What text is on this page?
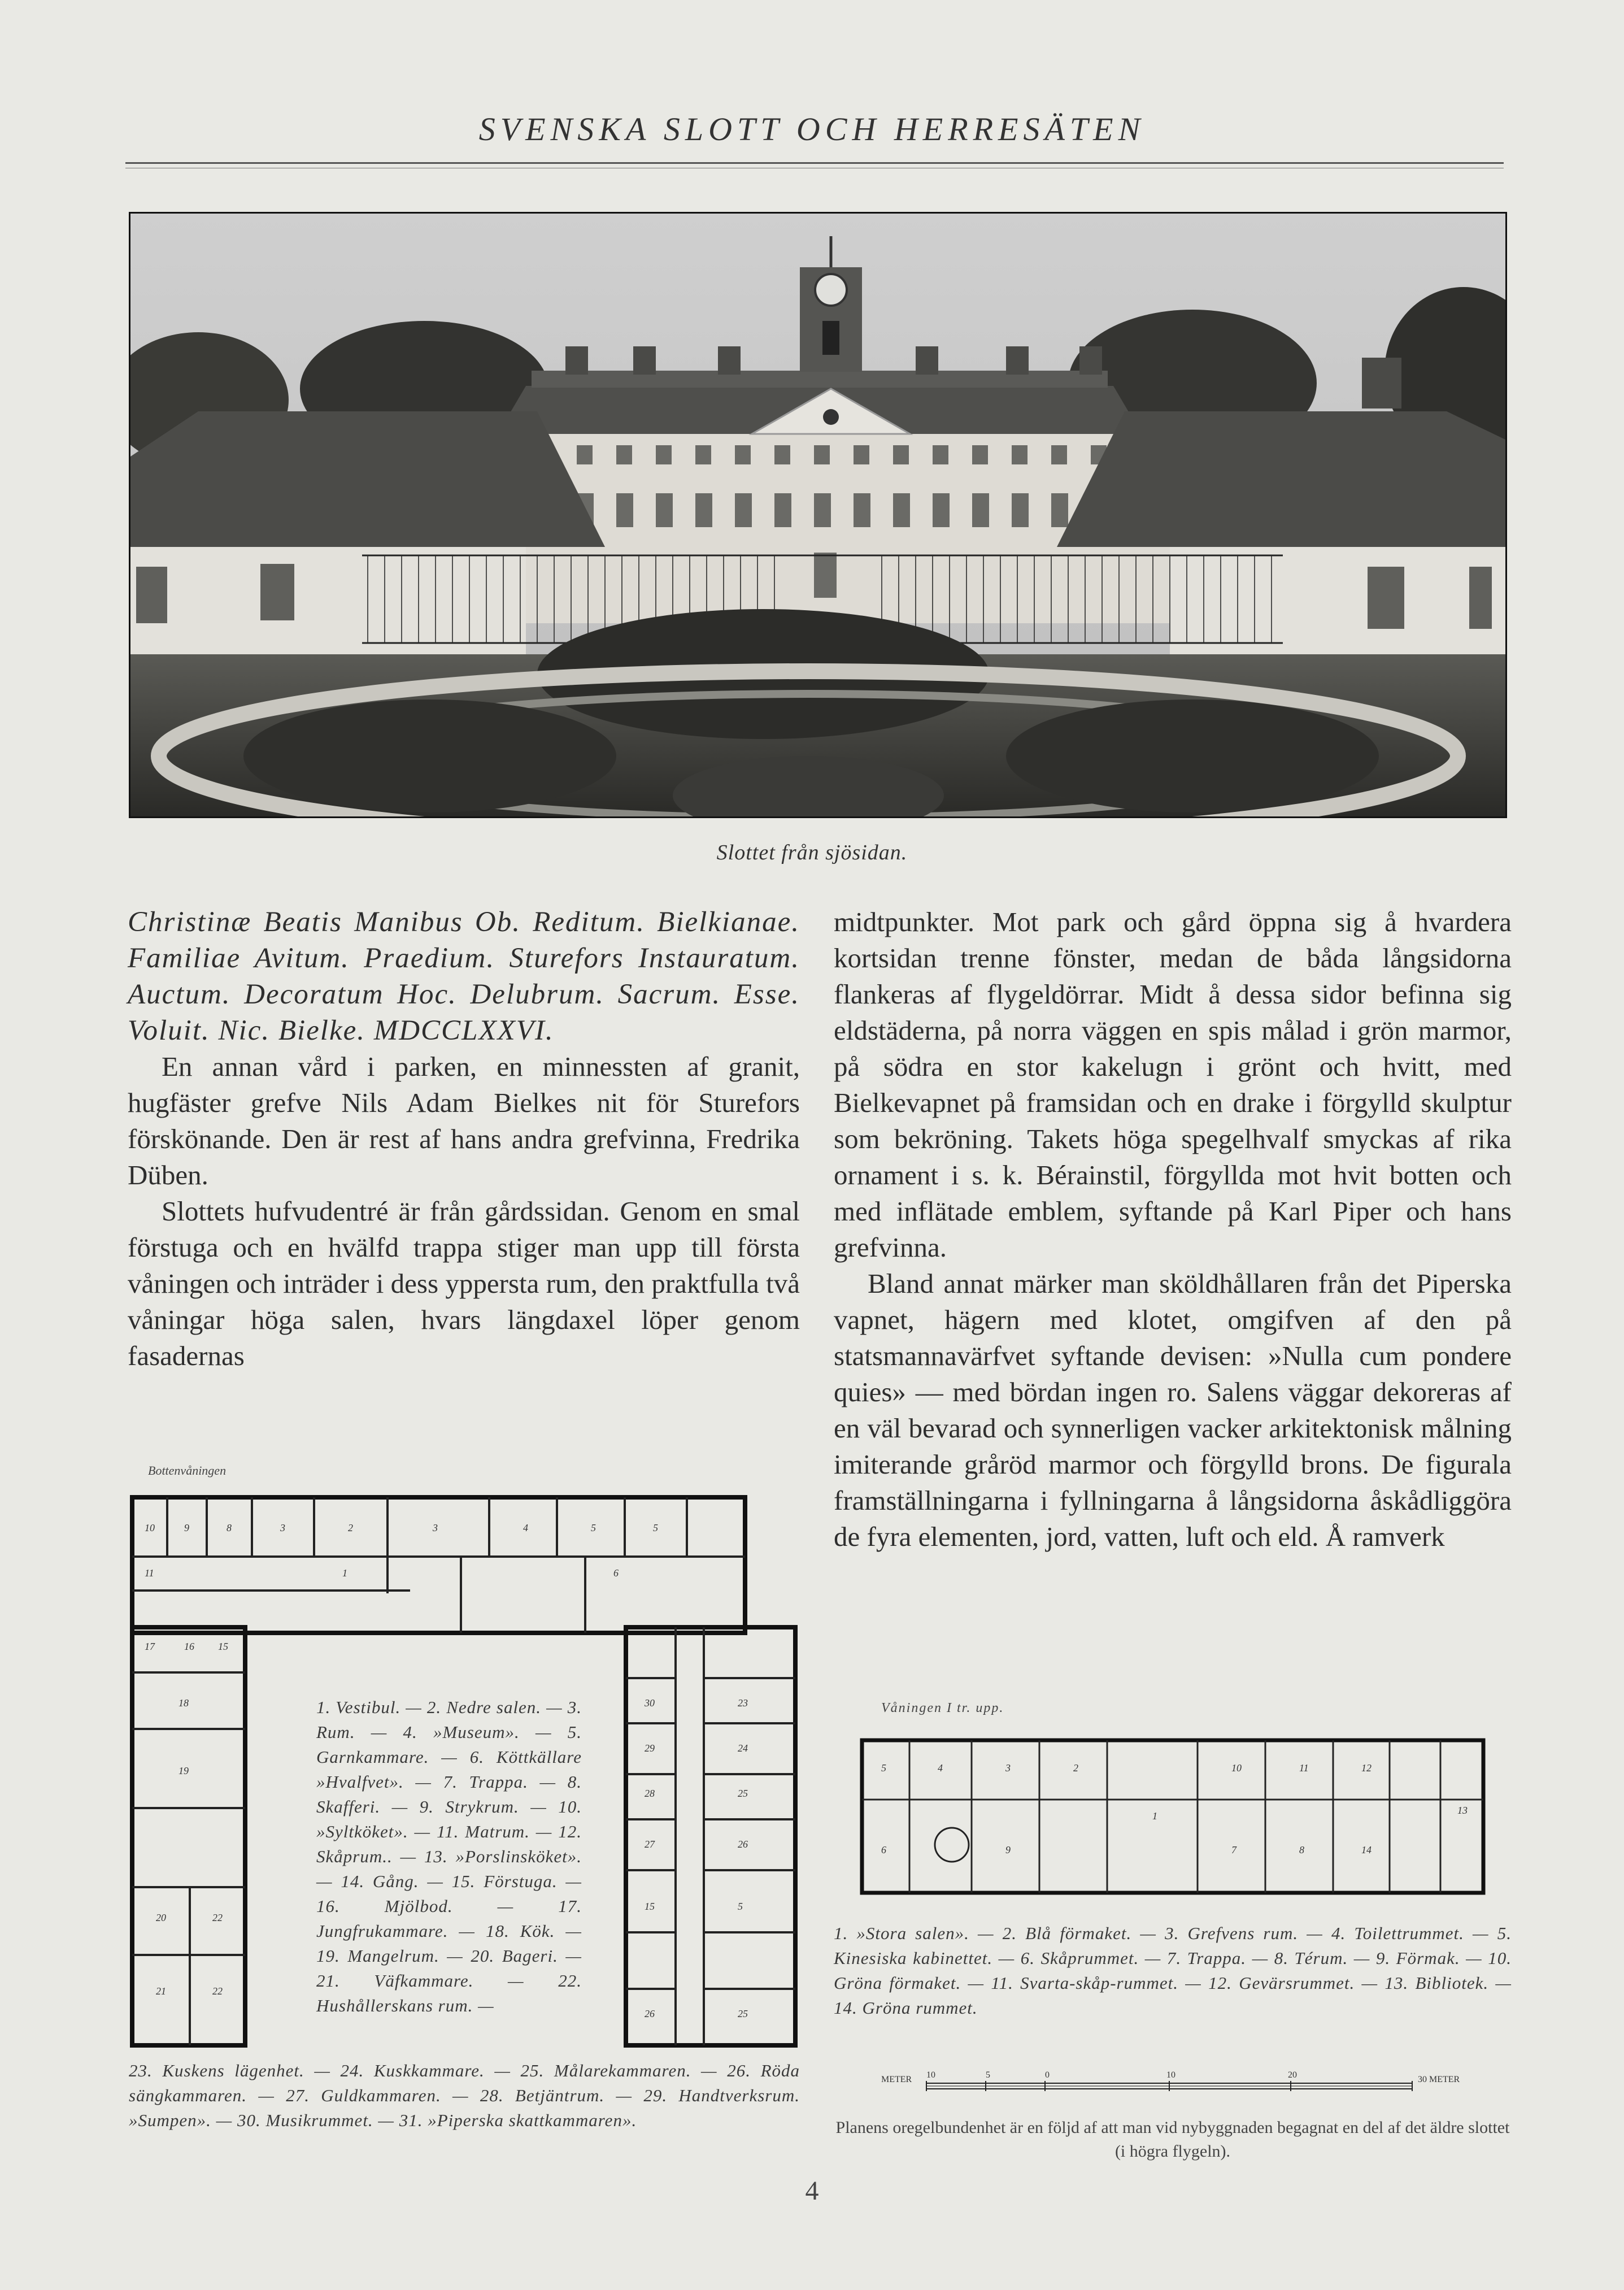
SVENSKA SLOTT OCH HERRESÄTEN
Slottet från sjösidan.

Christinæ Beatis Manibus Ob. Reditum. Bielkianae. Familiae Avitum. Praedium. Sturefors Instauratum. Auctum. Decoratum Hoc. Delubrum. Sacrum. Esse. Voluit. Nic. Bielke. MDCCLXXVI.

En annan vård i parken, en minnessten af granit, hugfäster grefve Nils Adam Bielkes nit för Sturefors förskönande. Den är rest af hans andra grefvinna, Fredrika Düben.

Slottets hufvudentré är från gårdssidan. Genom en smal förstuga och en hvälfd trappa stiger man upp till första våningen och inträder i dess yppersta rum, den praktfulla två våningar höga salen, hvars längdaxel löper genom fasadernas

midtpunkter. Mot park och gård öppna sig å hvardera kortsidan trenne fönster, medan de båda långsidorna flankeras af flygeldörrar. Midt å dessa sidor befinna sig eldstäderna, på norra väggen en spis målad i grön marmor, på södra en stor kakelugn i grönt och hvitt, med Bielkevapnet på framsidan och en drake i förgylld skulptur som bekröning. Takets höga spegelhvalf smyckas af rika ornament i s. k. Bérainstil, förgyllda mot hvit botten och med inflätade emblem, syftande på Karl Piper och hans grefvinna.

Bland annat märker man sköldhållaren från det Piperska vapnet, hägern med klotet, omgifven af den på statsmannavärfvet syftande devisen: »Nulla cum pondere quies» — med bördan ingen ro. Salens väggar dekoreras af en väl bevarad och synnerligen vacker arkitektonisk målning imiterande gråröd marmor och förgylld brons. De figurala framställningarna i fyllningarna å långsidorna åskådliggöra de fyra elementen, jord, vatten, luft och eld. Å ramverk

Bottenvåningen
10	9	8	3	2	3	4	5	5
11	1	6
17	16 15
18
19
20	22
21	22
30	23
29	24
28	25
27	26
15	5
26	25
1. Vestibul. — 2. Nedre salen. — 3. Rum. — 4. »Museum». — 5. Garnkammare. — 6. Köttkällare »Hvalfvet». — 7. Trappa. — 8. Skafferi. — 9. Strykrum. — 10. »Syltköket». — 11. Matrum. — 12. Skåprum.. — 13. »Porslinsköket». — 14. Gång. — 15. Förstuga. — 16. Mjölbod. — 17. Jungfrukammare. — 18. Kök. — 19. Mangelrum. — 20. Bageri. — 21. Väfkammare. — 22. Hushållerskans rum. —
23. Kuskens lägenhet. — 24. Kuskkammare. — 25. Målarekammaren. — 26. Röda sängkammaren. — 27. Guldkammaren. — 28. Betjäntrum. — 29. Handtverksrum. »Sumpen». — 30. Musikrummet. — 31. »Piperska skattkammaren».
Våningen I tr. upp.
5	4	3	2
1
10	11	12
13
6	9	7	8	14
1. »Stora salen». — 2. Blå förmaket. — 3. Grefvens rum. — 4. Toilettrummet. — 5. Kinesiska kabinettet. — 6. Skåprummet. — 7. Trappa. — 8. Térum. — 9. Förmak. — 10. Gröna förmaket. — 11. Svarta-skåp-rummet. — 12. Gevärsrummet. — 13. Bibliotek. — 14. Gröna rummet.
METER 10	5	0	10	20	30 METER
Planens oregelbundenhet är en följd af att man vid nybyggnaden begagnat en del af det äldre slottet (i högra flygeln).
4
